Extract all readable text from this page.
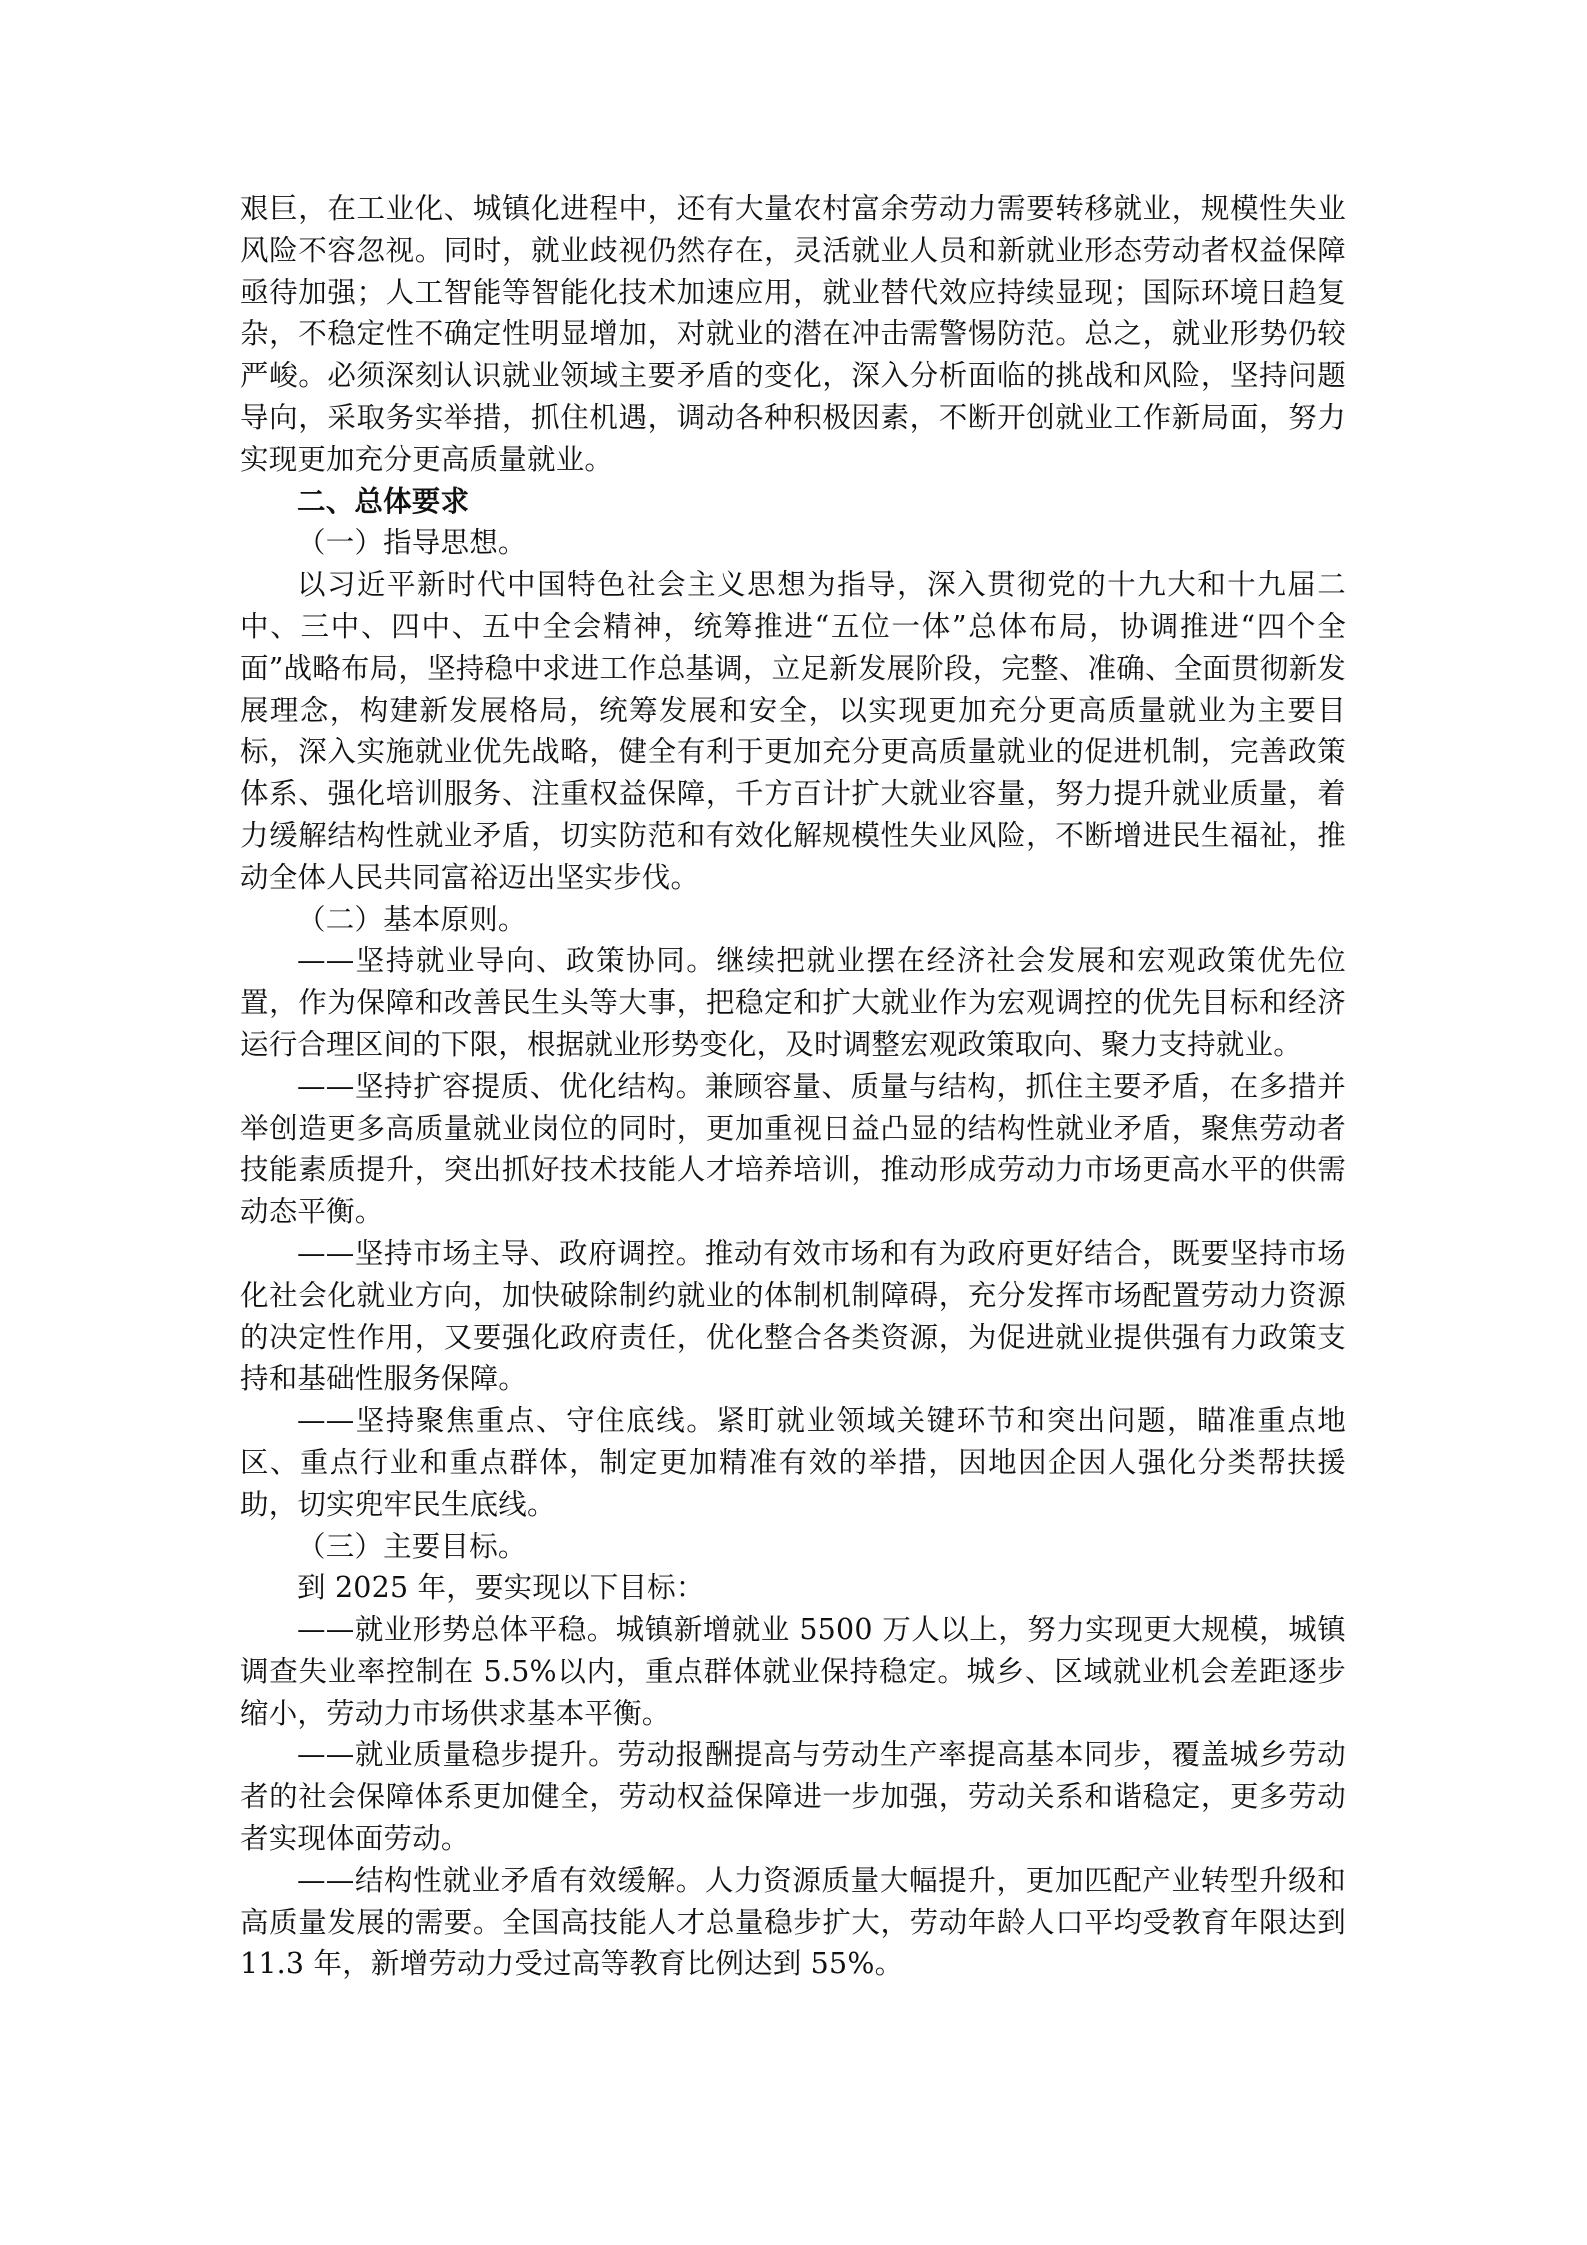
艰巨，在工业化、城镇化进程中，还有大量农村富余劳动力需要转移就业，规模性失业风险不容忽视。同时，就业歧视仍然存在，灵活就业人员和新就业形态劳动者权益保障亟待加强；人工智能等智能化技术加速应用，就业替代效应持续显现；国际环境日趋复杂，不稳定性不确定性明显增加，对就业的潜在冲击需警惕防范。总之，就业形势仍较严峻。必须深刻认识就业领域主要矛盾的变化，深入分析面临的挑战和风险，坚持问题导向，采取务实举措，抓住机遇，调动各种积极因素，不断开创就业工作新局面，努力实现更加充分更高质量就业。

二、总体要求

（一）指导思想。

以习近平新时代中国特色社会主义思想为指导，深入贯彻党的十九大和十九届二中、三中、四中、五中全会精神，统筹推进“五位一体”总体布局，协调推进“四个全面”战略布局，坚持稳中求进工作总基调，立足新发展阶段，完整、准确、全面贯彻新发展理念，构建新发展格局，统筹发展和安全，以实现更加充分更高质量就业为主要目标，深入实施就业优先战略，健全有利于更加充分更高质量就业的促进机制，完善政策体系、强化培训服务、注重权益保障，千方百计扩大就业容量，努力提升就业质量，着力缓解结构性就业矛盾，切实防范和有效化解规模性失业风险，不断增进民生福祉，推动全体人民共同富裕迈出坚实步伐。

（二）基本原则。

——坚持就业导向、政策协同。继续把就业摆在经济社会发展和宏观政策优先位置，作为保障和改善民生头等大事，把稳定和扩大就业作为宏观调控的优先目标和经济运行合理区间的下限，根据就业形势变化，及时调整宏观政策取向、聚力支持就业。

——坚持扩容提质、优化结构。兼顾容量、质量与结构，抓住主要矛盾，在多措并举创造更多高质量就业岗位的同时，更加重视日益凸显的结构性就业矛盾，聚焦劳动者技能素质提升，突出抓好技术技能人才培养培训，推动形成劳动力市场更高水平的供需动态平衡。

——坚持市场主导、政府调控。推动有效市场和有为政府更好结合，既要坚持市场化社会化就业方向，加快破除制约就业的体制机制障碍，充分发挥市场配置劳动力资源的决定性作用，又要强化政府责任，优化整合各类资源，为促进就业提供强有力政策支持和基础性服务保障。

——坚持聚焦重点、守住底线。紧盯就业领域关键环节和突出问题，瞄准重点地区、重点行业和重点群体，制定更加精准有效的举措，因地因企因人强化分类帮扶援助，切实兜牢民生底线。

（三）主要目标。

到 2025 年，要实现以下目标：

——就业形势总体平稳。城镇新增就业 5500 万人以上，努力实现更大规模，城镇调查失业率控制在 5.5%以内，重点群体就业保持稳定。城乡、区域就业机会差距逐步缩小，劳动力市场供求基本平衡。

——就业质量稳步提升。劳动报酬提高与劳动生产率提高基本同步，覆盖城乡劳动者的社会保障体系更加健全，劳动权益保障进一步加强，劳动关系和谐稳定，更多劳动者实现体面劳动。

——结构性就业矛盾有效缓解。人力资源质量大幅提升，更加匹配产业转型升级和高质量发展的需要。全国高技能人才总量稳步扩大，劳动年龄人口平均受教育年限达到 11.3 年，新增劳动力受过高等教育比例达到 55%。
